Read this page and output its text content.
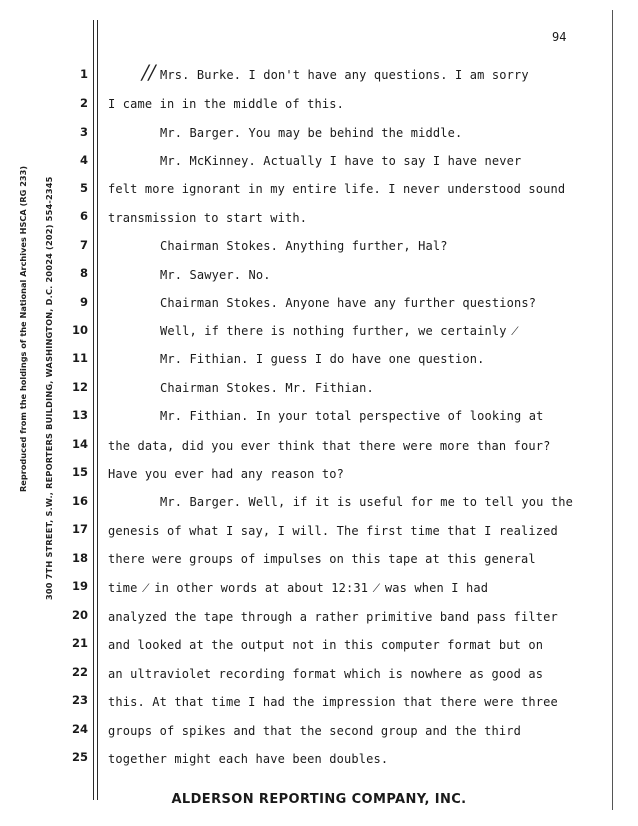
Reproduced from the holdings of the National Archives HSCA (RG 233) 300 7TH STREET, S.W., REPORTERS BUILDING, WASHINGTON, D.C. 20024 (202) 554-2345
94
//
1
2
3
4
5
6
7
8
9
10
11
12
13
14
15
16
17
18
19
20
21
22
23
24
25
Mrs. Burke. I don't have any questions. I am sorry
I came in in the middle of this.
Mr. Barger. You may be behind the middle.
Mr. McKinney. Actually I have to say I have never
felt more ignorant in my entire life. I never understood sound
transmission to start with.
Chairman Stokes. Anything further, Hal?
Mr. Sawyer. No.
Chairman Stokes. Anyone have any further questions?
Well, if there is nothing further, we certainly ⁄
Mr. Fithian. I guess I do have one question.
Chairman Stokes. Mr. Fithian.
Mr. Fithian. In your total perspective of looking at
the data, did you ever think that there were more than four?
Have you ever had any reason to?
Mr. Barger. Well, if it is useful for me to tell you the
genesis of what I say, I will. The first time that I realized
there were groups of impulses on this tape at this general
time ⁄ in other words at about 12:31 ⁄ was when I had
analyzed the tape through a rather primitive band pass filter
and looked at the output not in this computer format but on
an ultraviolet recording format which is nowhere as good as
this. At that time I had the impression that there were three
groups of spikes and that the second group and the third
together might each have been doubles.
ALDERSON REPORTING COMPANY, INC.
